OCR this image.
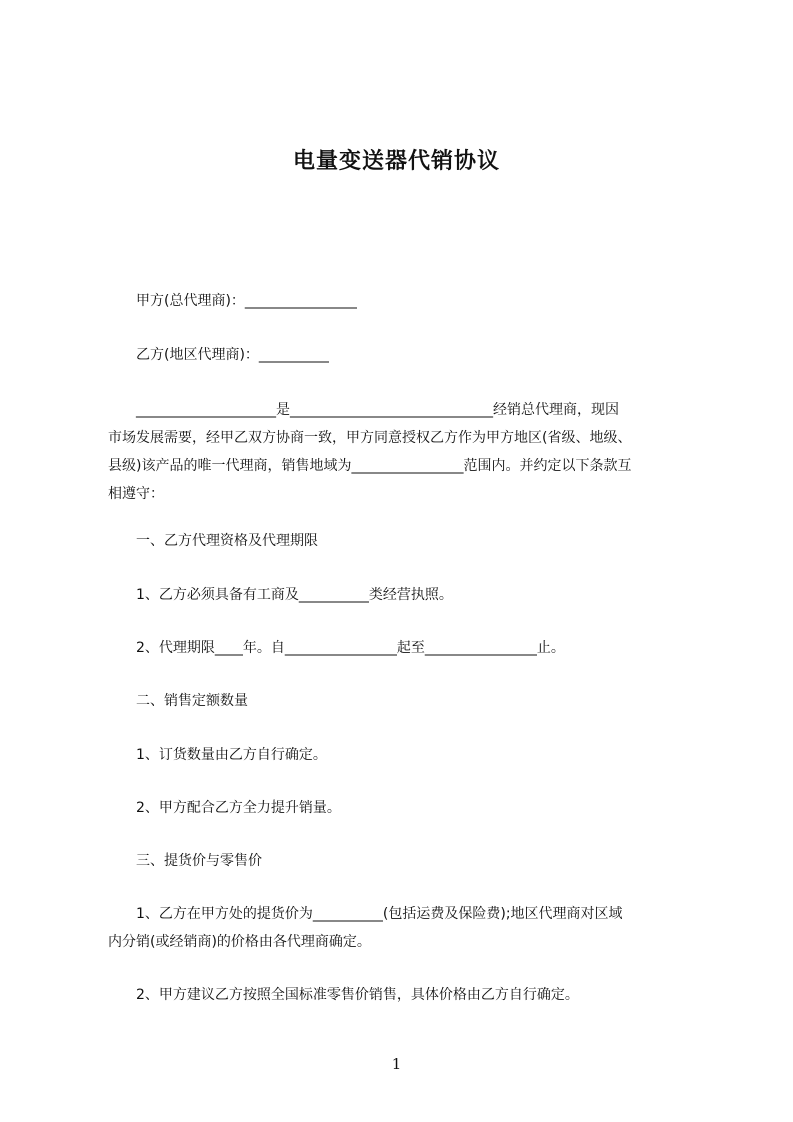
电量变送器代销协议
甲方(总代理商)：________________
乙方(地区代理商)：__________
____________________是_____________________________经销总代理商，现因
市场发展需要，经甲乙双方协商一致，甲方同意授权乙方作为甲方地区(省级、地级、
县级)该产品的唯一代理商，销售地域为________________范围内。并约定以下条款互
相遵守：
一、乙方代理资格及代理期限
1、乙方必须具备有工商及__________类经营执照。
2、代理期限____年。自________________起至________________止。
二、销售定额数量
1、订货数量由乙方自行确定。
2、甲方配合乙方全力提升销量。
三、提货价与零售价
1、乙方在甲方处的提货价为__________(包括运费及保险费);地区代理商对区域
内分销(或经销商)的价格由各代理商确定。
2、甲方建议乙方按照全国标准零售价销售，具体价格由乙方自行确定。
1
